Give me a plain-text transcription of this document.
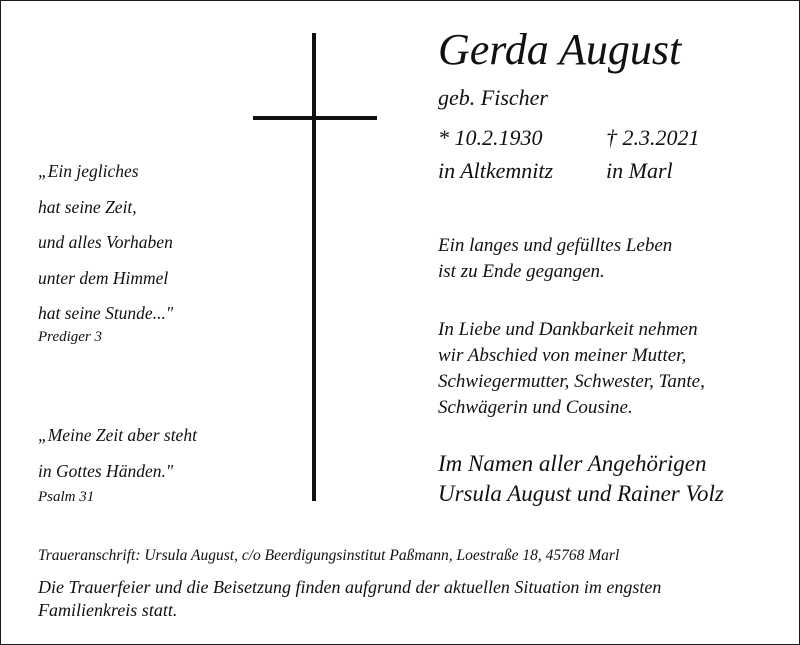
Gerda August
geb. Fischer
* 10.2.1930	† 2.3.2021
in Altkemnitz in Marl
Ein langes und gefülltes Leben
ist zu Ende gegangen.
In Liebe und Dankbarkeit nehmen
wir Abschied von meiner Mutter,
Schwiegermutter, Schwester, Tante,
Schwägerin und Cousine.
Im Namen aller Angehörigen
Ursula August und Rainer Volz
„Ein jegliches
hat seine Zeit,
und alles Vorhaben
unter dem Himmel
hat seine Stunde..."
Prediger 3
„Meine Zeit aber steht
in Gottes Händen."
Psalm 31
Traueranschrift: Ursula August, c/o Beerdigungsinstitut Paßmann, Loestraße 18, 45768 Marl
Die Trauerfeier und die Beisetzung finden aufgrund der aktuellen Situation im engsten
Familienkreis statt.
